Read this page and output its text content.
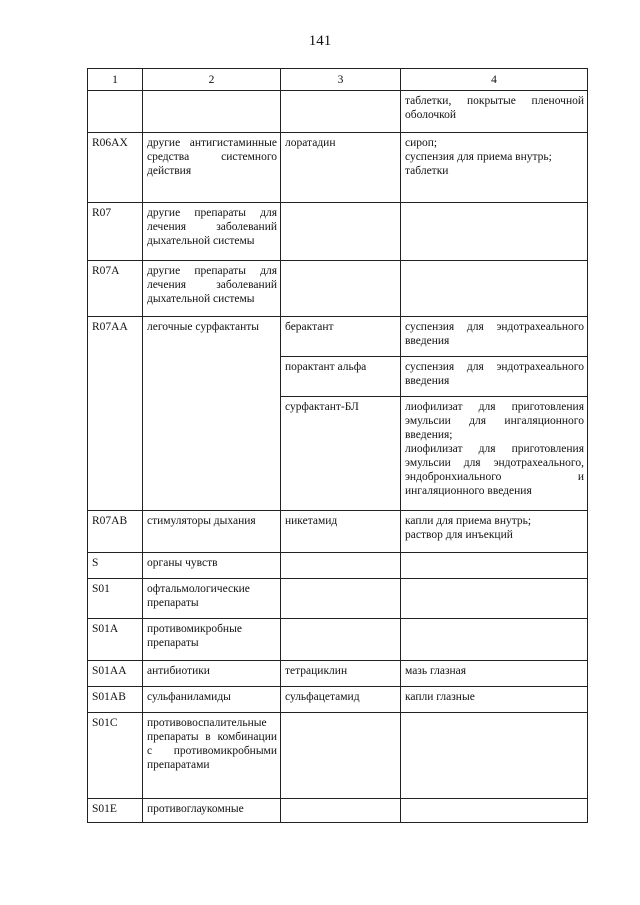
141
1	2	3	4

			таблетки, покрытые пленочной оболочкой

R06AX	другие антигистаминные средства системного действия	лоратадин	сироп;
суспензия для приема внутрь;
таблетки

R07	другие препараты для лечения заболеваний дыхательной системы		

R07A	другие препараты для лечения заболеваний дыхательной системы		

R07AA	легочные сурфактанты	берактант	суспензия для эндотрахеального введения

		порактант альфа	суспензия для эндотрахеального введения

		сурфактант-БЛ	лиофилизат для приготовления эмульсии для ингаляционного введения;
лиофилизат для приготовления эмульсии для эндотрахеального, эндобронхиального и ингаляционного введения

R07AB	стимуляторы дыхания	никетамид	капли для приема внутрь;
раствор для инъекций

S	органы чувств		

S01	офтальмологические препараты		

S01A	противомикробные препараты		

S01AA	антибиотики	тетрациклин	мазь глазная

S01AB	сульфаниламиды	сульфацетамид	капли глазные

S01C	противовоспалительные препараты в комбинации с противомикробными препаратами		

S01E	противоглаукомные		
